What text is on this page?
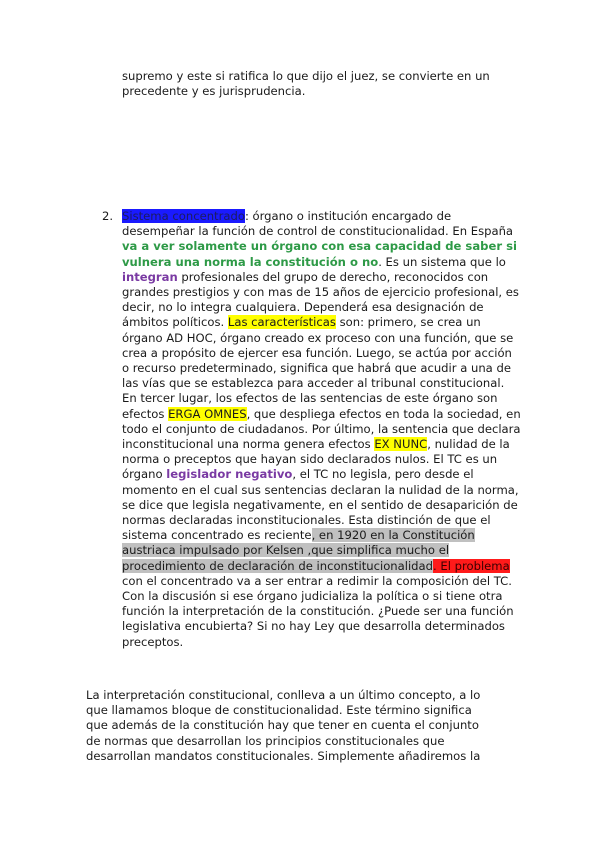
supremo y este si ratifica lo que dijo el juez, se convierte en un
precedente y es jurisprudencia.

2. Sistema concentrado: órgano o institución encargado de desempeñar la función de control de constitucionalidad. En España va a ver solamente un órgano con esa capacidad de saber si vulnera una norma la constitución o no. Es un sistema que lo integran profesionales del grupo de derecho, reconocidos con grandes prestigios y con mas de 15 años de ejercicio profesional, es decir, no lo integra cualquiera. Dependerá esa designación de ámbitos políticos. Las características son: primero, se crea un órgano AD HOC, órgano creado ex proceso con una función, que se crea a propósito de ejercer esa función. Luego, se actúa por acción o recurso predeterminado, significa que habrá que acudir a una de las vías que se establezca para acceder al tribunal constitucional. En tercer lugar, los efectos de las sentencias de este órgano son efectos ERGA OMNES, que despliega efectos en toda la sociedad, en todo el conjunto de ciudadanos. Por último, la sentencia que declara inconstitucional una norma genera efectos EX NUNC, nulidad de la norma o preceptos que hayan sido declarados nulos. El TC es un órgano legislador negativo, el TC no legisla, pero desde el momento en el cual sus sentencias declaran la nulidad de la norma, se dice que legisla negativamente, en el sentido de desaparición de normas declaradas inconstitucionales. Esta distinción de que el sistema concentrado es reciente, en 1920 en la Constitución austriaca impulsado por Kelsen ,que simplifica mucho el procedimiento de declaración de inconstitucionalidad. El problema con el concentrado va a ser entrar a redimir la composición del TC. Con la discusión si ese órgano judicializa la política o si tiene otra función la interpretación de la constitución. ¿Puede ser una función legislativa encubierta? Si no hay Ley que desarrolla determinados preceptos.

La interpretación constitucional, conlleva a un último concepto, a lo
que llamamos bloque de constitucionalidad. Este término significa
que además de la constitución hay que tener en cuenta el conjunto
de normas que desarrollan los principios constitucionales que
desarrollan mandatos constitucionales. Simplemente añadiremos la
